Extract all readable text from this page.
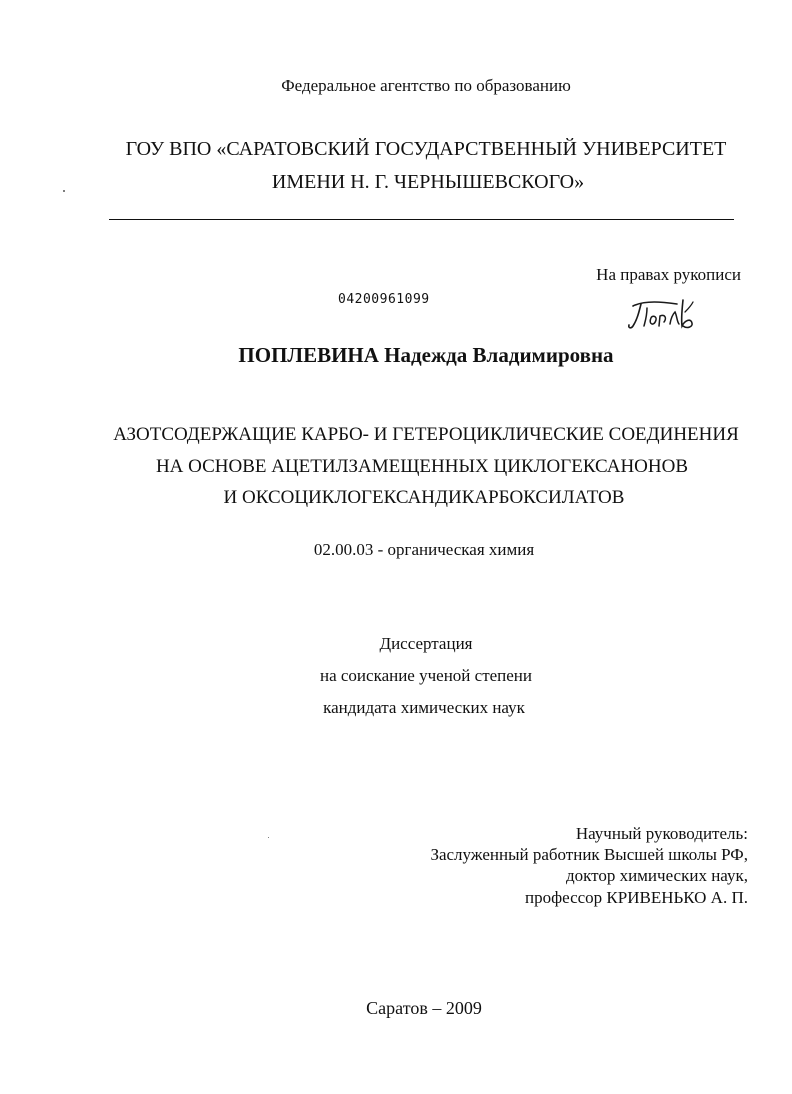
Федеральное агентство по образованию
ГОУ ВПО «САРАТОВСКИЙ ГОСУДАРСТВЕННЫЙ УНИВЕРСИТЕТ
ИМЕНИ Н. Г. ЧЕРНЫШЕВСКОГО»
На правах рукописи
04200961099
ПОПЛЕВИНА Надежда Владимировна
АЗОТСОДЕРЖАЩИЕ КАРБО- И ГЕТЕРОЦИКЛИЧЕСКИЕ СОЕДИНЕНИЯ
НА ОСНОВЕ АЦЕТИЛЗАМЕЩЕННЫХ ЦИКЛОГЕКСАНОНОВ
И ОКСОЦИКЛОГЕКСАНДИКАРБОКСИЛАТОВ
02.00.03 - органическая химия
Диссертация
на соискание ученой степени
кандидата химических наук
Научный руководитель:
Заслуженный работник Высшей школы РФ,
доктор химических наук,
профессор КРИВЕНЬКО А. П.
Саратов – 2009
